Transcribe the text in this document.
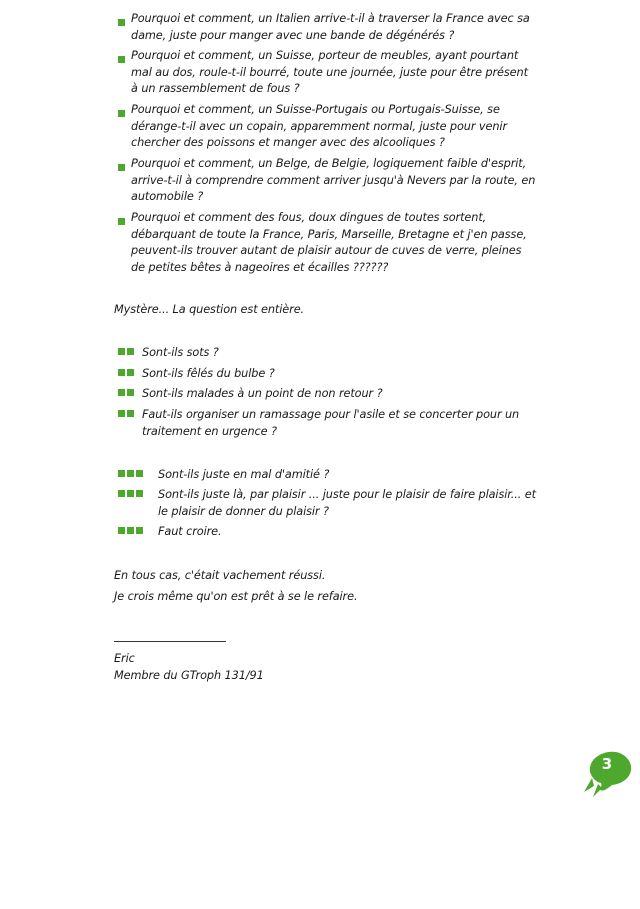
Pourquoi et comment, un Italien arrive-t-il à traverser la France avec sa dame, juste pour manger avec une bande de dégénérés ?
Pourquoi et comment, un Suisse, porteur de meubles, ayant pourtant mal au dos, roule-t-il bourré, toute une journée, juste pour être présent à un rassemblement de fous ?
Pourquoi et comment, un Suisse-Portugais ou Portugais-Suisse, se dérange-t-il avec un copain, apparemment normal, juste pour venir chercher des poissons et manger avec des alcooliques ?
Pourquoi et comment, un Belge, de Belgie, logiquement faible d'esprit, arrive-t-il à comprendre comment arriver jusqu'à Nevers par la route, en automobile ?
Pourquoi et comment des fous, doux dingues de toutes sortent, débarquant de toute la France, Paris, Marseille, Bretagne et j'en passe, peuvent-ils trouver autant de plaisir autour de cuves de verre, pleines de petites bêtes à nageoires et écailles ??????
Mystère... La question est entière.
Sont-ils sots ?
Sont-ils fêlés du bulbe ?
Sont-ils malades à un point de non retour ?
Faut-ils organiser un ramassage pour l'asile et se concerter pour un traitement en urgence ?
Sont-ils juste en mal d'amitié ?
Sont-ils juste là, par plaisir ... juste pour le plaisir de faire plaisir... et le plaisir de donner du plaisir ?
Faut croire.
En tous cas, c'était vachement réussi.
Je crois même qu'on est prêt à se le refaire.
Eric
Membre du GTroph 131/91
3
